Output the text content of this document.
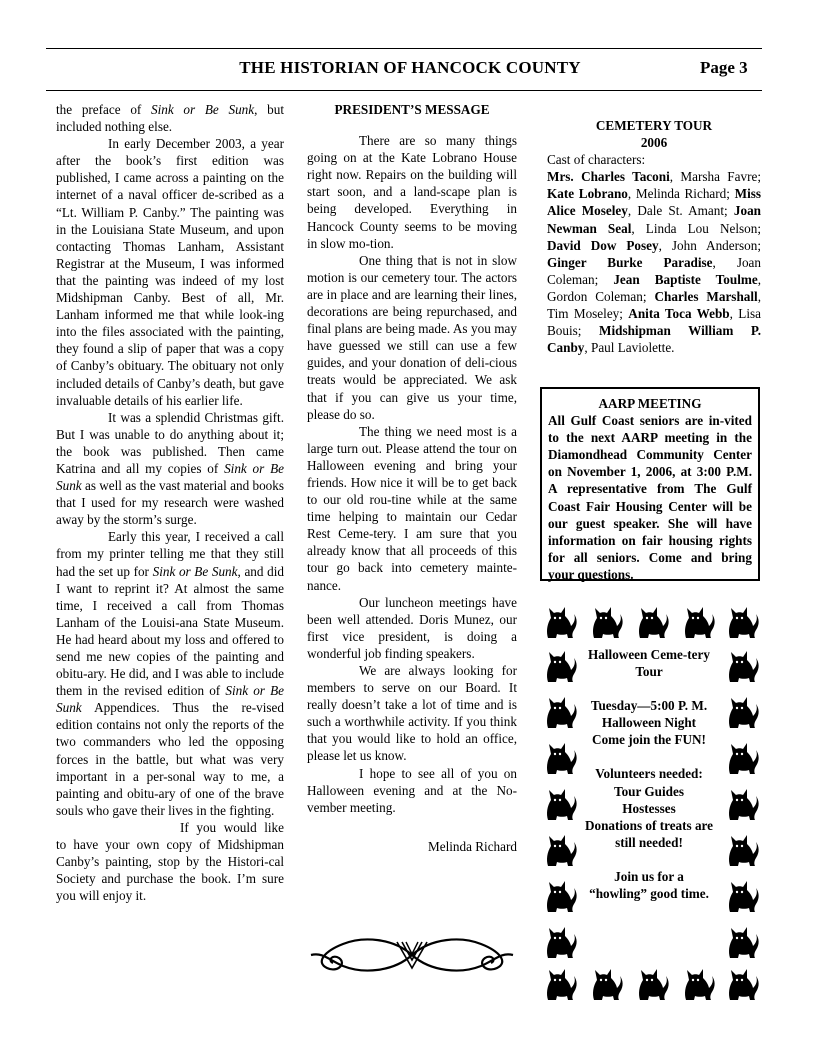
THE HISTORIAN OF HANCOCK COUNTY	Page 3

the preface of Sink or Be Sunk, but included nothing else.

In early December 2003, a year after the book’s first edition was published, I came across a painting on the internet of a naval officer de-scribed as a “Lt. William P. Canby.” The painting was in the Louisiana State Museum, and upon contacting Thomas Lanham, Assistant Registrar at the Museum, I was informed that the painting was indeed of my lost Midshipman Canby. Best of all, Mr. Lanham informed me that while look-ing into the files associated with the painting, they found a slip of paper that was a copy of Canby’s obituary. The obituary not only included details of Canby’s death, but gave invaluable details of his earlier life.

It was a splendid Christmas gift. But I was unable to do anything about it; the book was published. Then came Katrina and all my copies of Sink or Be Sunk as well as the vast material and books that I used for my research were washed away by the storm’s surge.

Early this year, I received a call from my printer telling me that they still had the set up for Sink or Be Sunk, and did I want to reprint it? At almost the same time, I received a call from Thomas Lanham of the Louisi-ana State Museum. He had heard about my loss and offered to send me new copies of the painting and obitu-ary. He did, and I was able to include them in the revised edition of Sink or Be Sunk Appendices. Thus the re-vised edition contains not only the reports of the two commanders who led the opposing forces in the battle, but what was very important in a per-sonal way to me, a painting and obitu-ary of one of the brave souls who gave their lives in the fighting.

If you would like to have your own copy of Midshipman Canby’s painting, stop by the Histori-cal Society and purchase the book. I’m sure you will enjoy it.

PRESIDENT’S MESSAGE

There are so many things going on at the Kate Lobrano House right now. Repairs on the building will start soon, and a land-scape plan is being developed. Everything in Hancock County seems to be moving in slow mo-tion.

One thing that is not in slow motion is our cemetery tour. The actors are in place and are learning their lines, decorations are being repurchased, and final plans are being made. As you may have guessed we still can use a few guides, and your donation of deli-cious treats would be appreciated. We ask that if you can give us your time, please do so.

The thing we need most is a large turn out. Please attend the tour on Halloween evening and bring your friends. How nice it will be to get back to our old rou-tine while at the same time helping to maintain our Cedar Rest Ceme-tery. I am sure that you already know that all proceeds of this tour go back into cemetery mainte-nance.

Our luncheon meetings have been well attended. Doris Munez, our first vice president, is doing a wonderful job finding speakers.

We are always looking for members to serve on our Board. It really doesn’t take a lot of time and is such a worthwhile activity. If you think that you would like to hold an office, please let us know.

I hope to see all of you on Halloween evening and at the No-vember meeting.

Melinda Richard

CEMETERY TOUR

2006

Cast of characters:

Mrs. Charles Taconi, Marsha Favre; Kate Lobrano, Melinda Richard; Miss Alice Moseley, Dale St. Amant; Joan Newman Seal, Linda Lou Nelson; David Dow Posey, John Anderson; Ginger Burke Paradise, Joan Coleman; Jean Baptiste Toulme, Gordon Coleman; Charles Marshall, Tim Moseley; Anita Toca Webb, Lisa Bouis; Midshipman William P. Canby, Paul Laviolette.

AARP MEETING

All Gulf Coast seniors are in-vited to the next AARP meeting in the Diamondhead Community Center on November 1, 2006, at 3:00 P.M. A representative from The Gulf Coast Fair Housing Center will be our guest speaker. She will have information on fair housing rights for all seniors. Come and bring your questions.

Halloween Ceme-tery Tour

Tuesday—5:00 P. M.
Halloween Night
Come join the FUN!

Volunteers needed:
Tour Guides
Hostesses
Donations of treats are still needed!

Join us for a “howling” good time.
